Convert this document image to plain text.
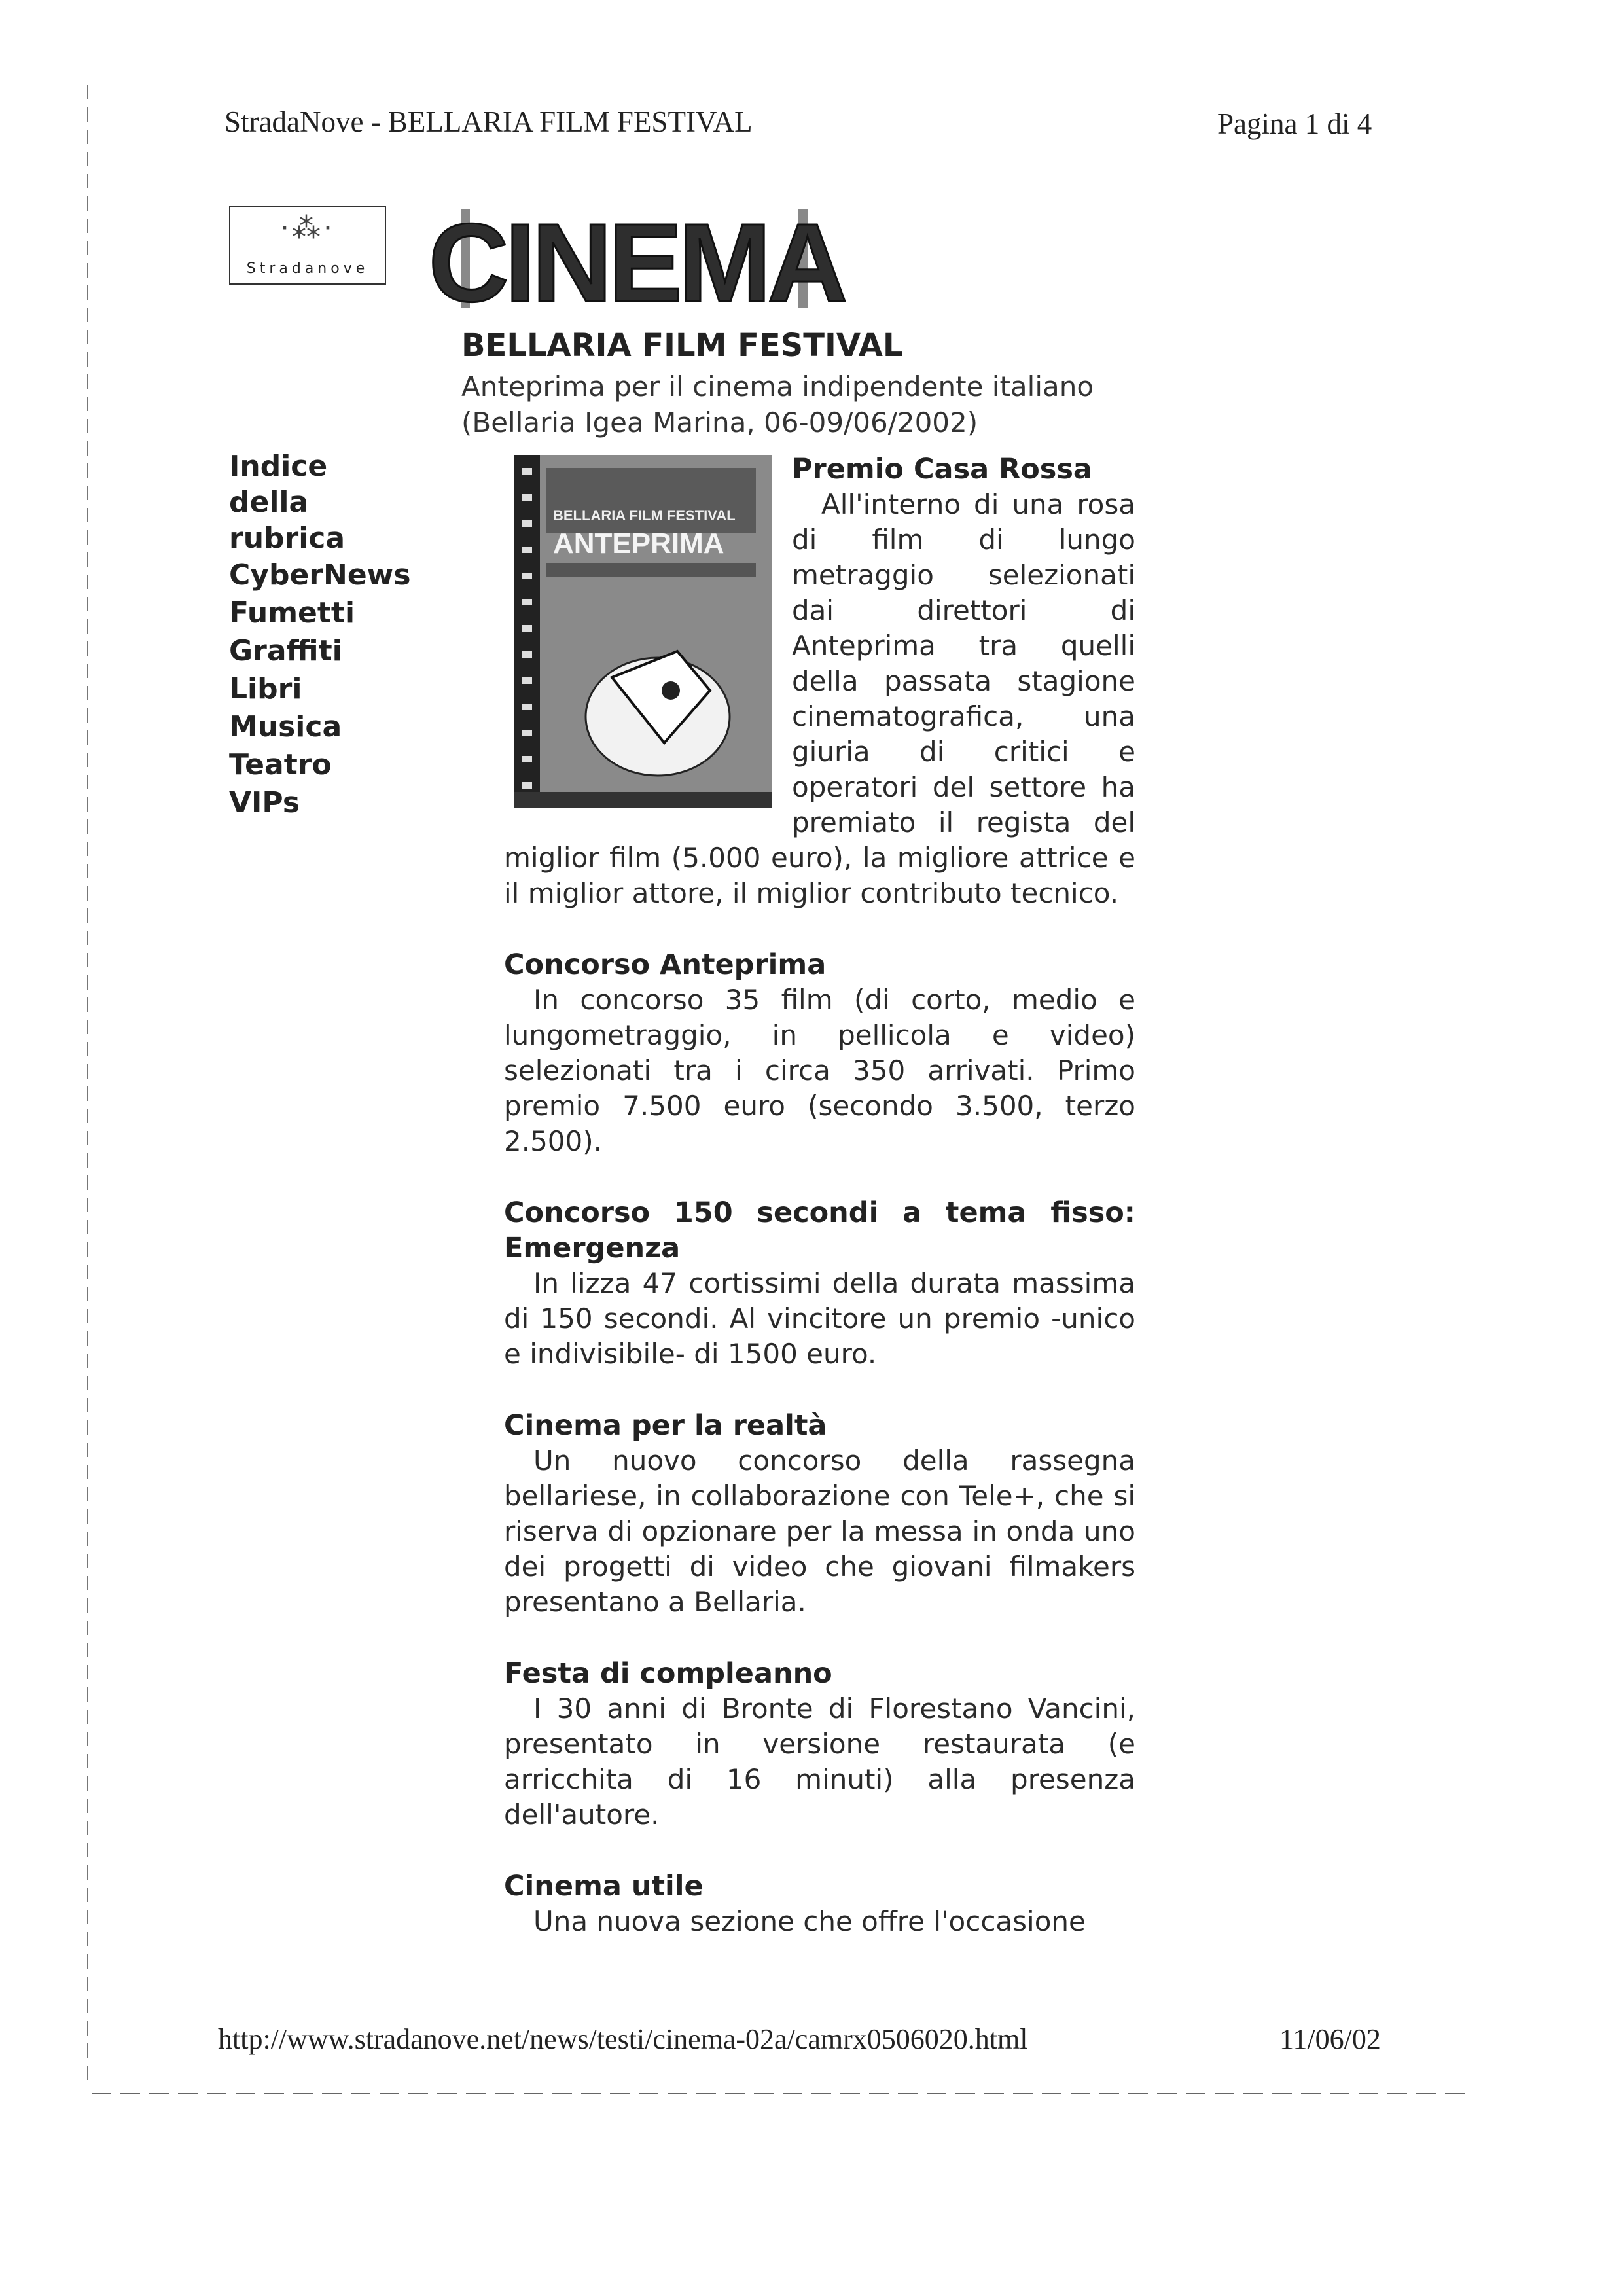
StradaNove - BELLARIA FILM FESTIVAL	Pagina 1 di 4
·⁂·
Stradanove CINEMA
BELLARIA FILM FESTIVAL
Anteprima per il cinema indipendente italiano
(Bellaria Igea Marina, 06-09/06/2002)
Indice
della
rubrica
CyberNews
Fumetti
Graffiti
Libri
Musica
Teatro
VIPs
BELLARIA FILM FESTIVAL
ANTEPRIMA
Premio Casa Rossa
All'interno di una rosa di film di lungo metraggio selezionati dai direttori di Anteprima tra quelli della passata stagione cinematografica, una giuria di critici e operatori del settore ha premiato il regista del miglior film (5.000 euro), la migliore attrice e il miglior attore, il miglior contributo tecnico.
Concorso Anteprima
In concorso 35 film (di corto, medio e lungometraggio, in pellicola e video) selezionati tra i circa 350 arrivati. Primo premio 7.500 euro (secondo 3.500, terzo 2.500).
Concorso 150 secondi a tema fisso: Emergenza
In lizza 47 cortissimi della durata massima di 150 secondi. Al vincitore un premio -unico e indivisibile- di 1500 euro.
Cinema per la realtà
Un nuovo concorso della rassegna bellariese, in collaborazione con Tele+, che si riserva di opzionare per la messa in onda uno dei progetti di video che giovani filmakers presentano a Bellaria.
Festa di compleanno
I 30 anni di Bronte di Florestano Vancini, presentato in versione restaurata (e arricchita di 16 minuti) alla presenza dell'autore.
Cinema utile
Una nuova sezione che offre l'occasione
http://www.stradanove.net/news/testi/cinema-02a/camrx0506020.html	11/06/02
